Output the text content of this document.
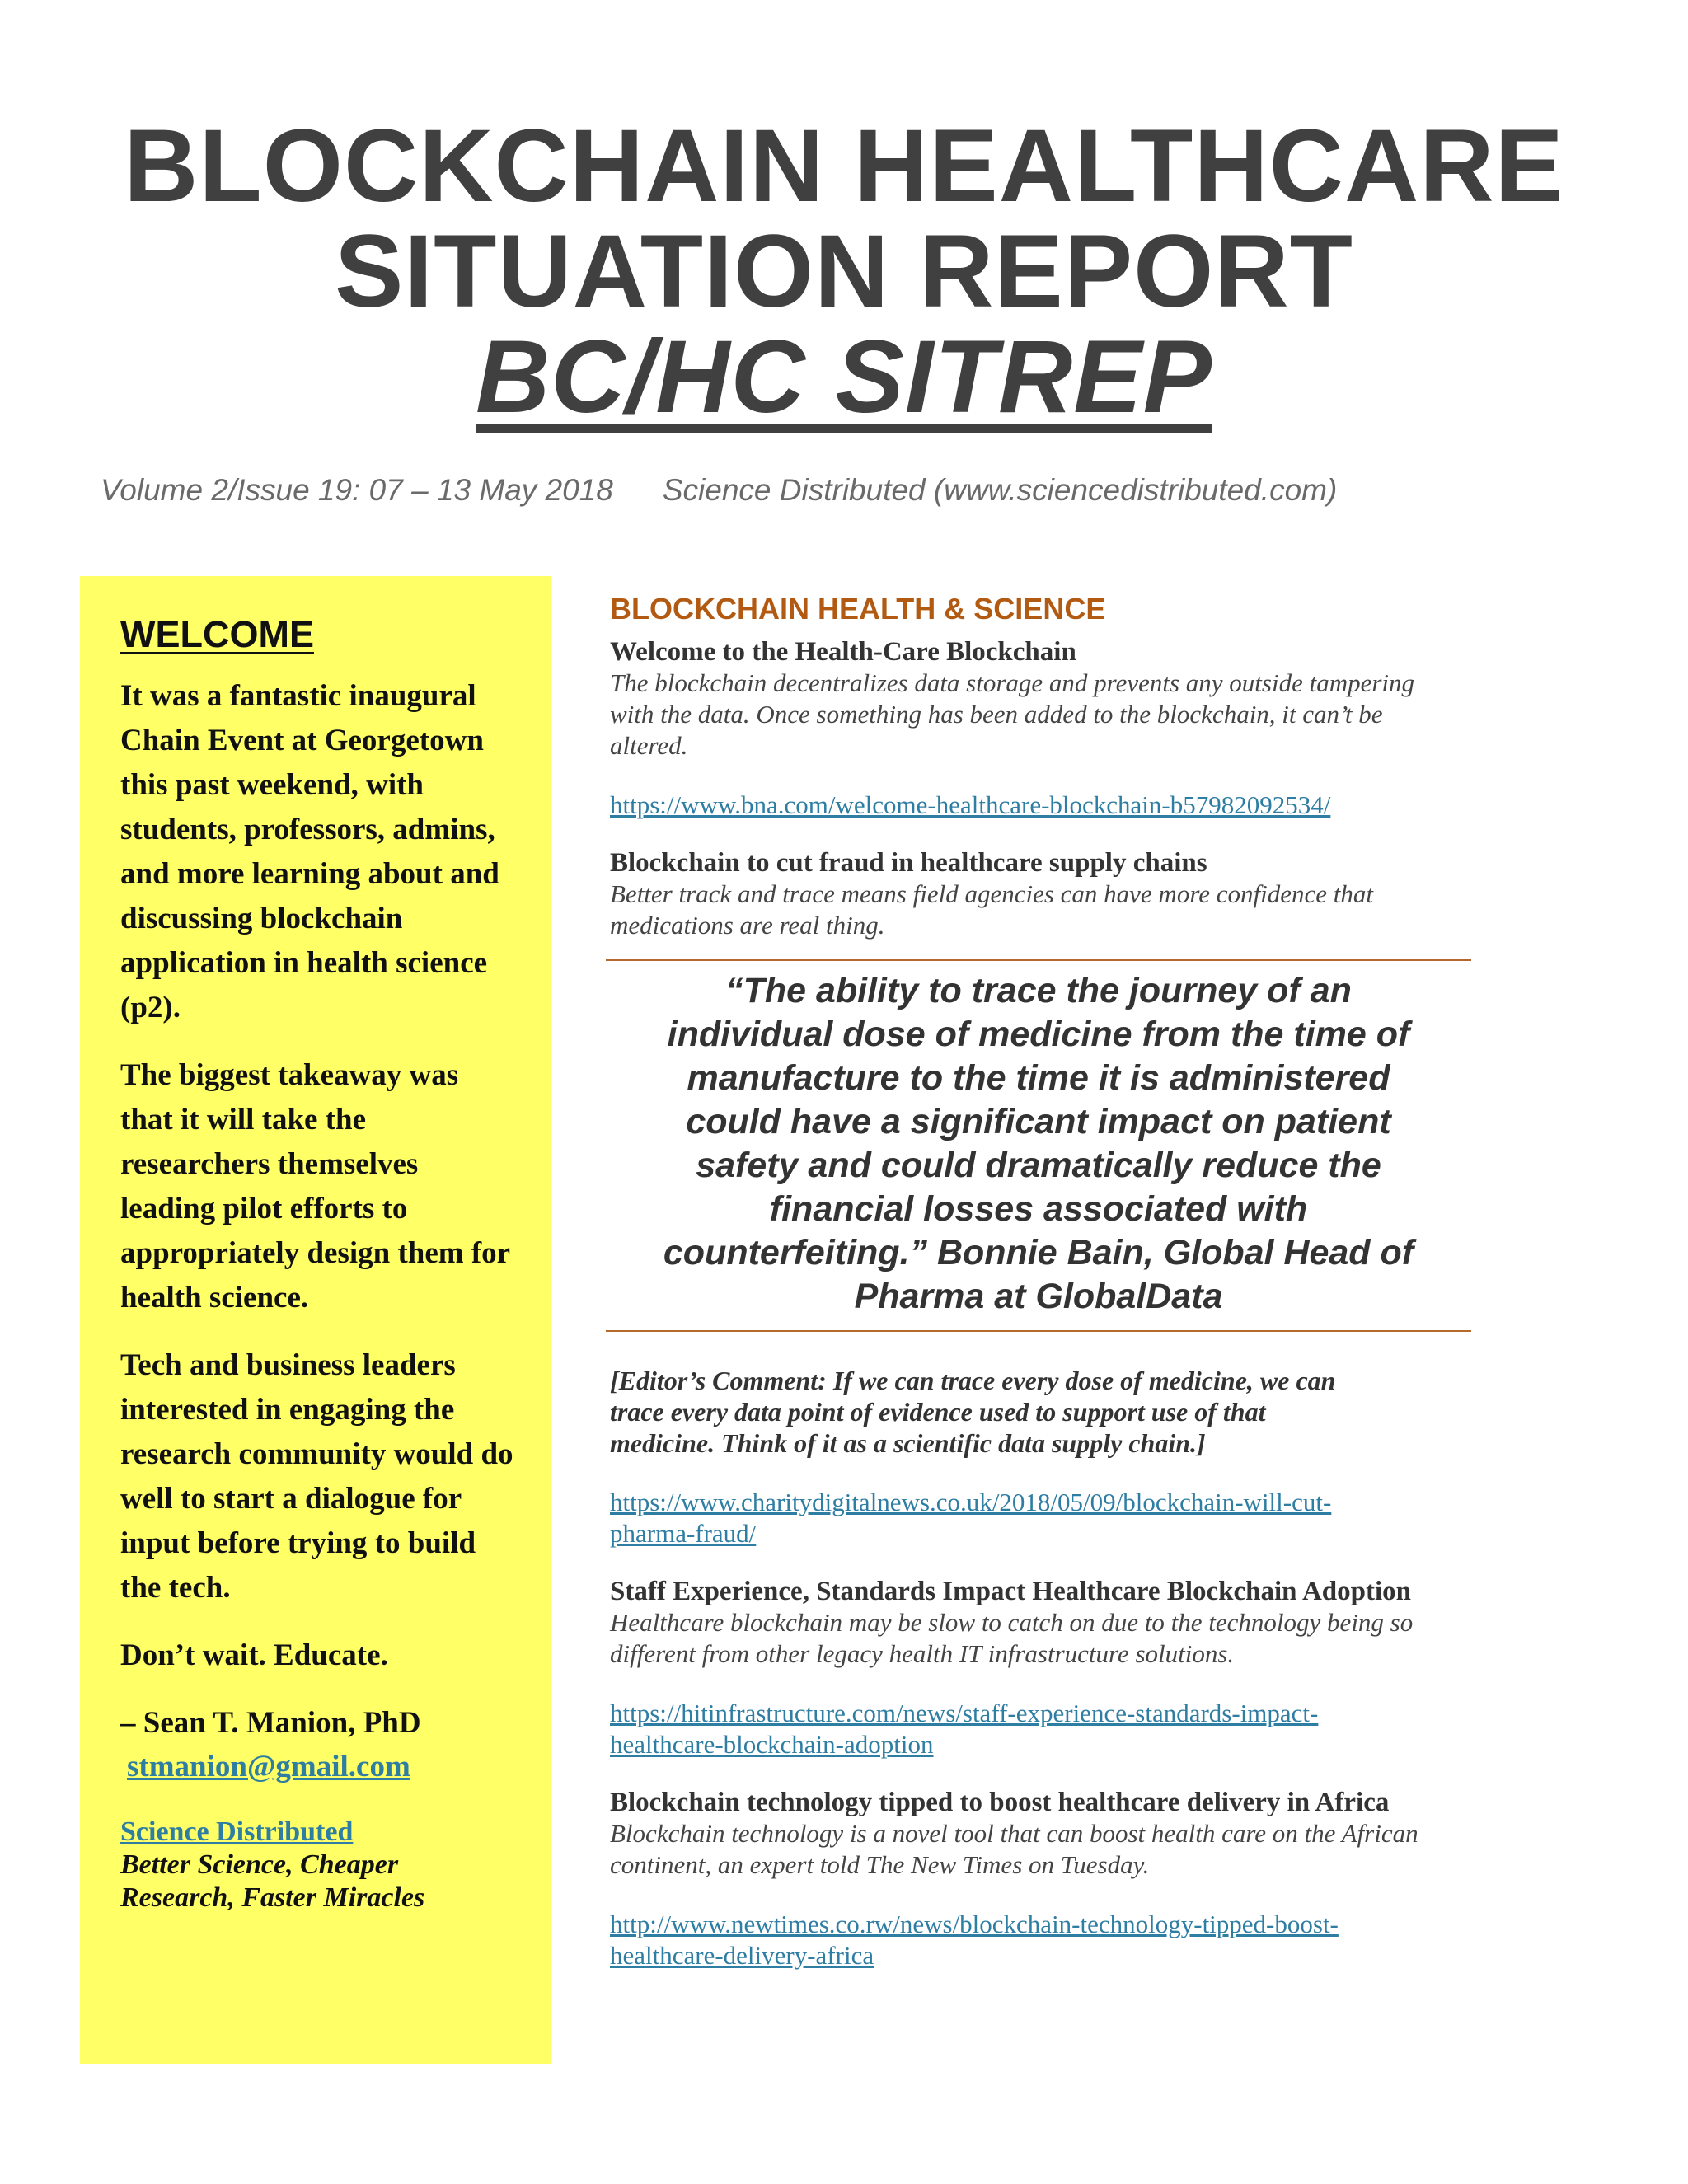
BLOCKCHAIN HEALTHCARE
SITUATION REPORT
BC/HC SITREP
Volume 2/Issue 19: 07 – 13 May 2018 Science Distributed (www.sciencedistributed.com)
WELCOME

It was a fantastic inaugural Chain Event at Georgetown this past weekend, with students, professors, admins, and more learning about and discussing blockchain application in health science (p2).

The biggest takeaway was that it will take the researchers themselves leading pilot efforts to appropriately design them for health science.

Tech and business leaders interested in engaging the research community would do well to start a dialogue for input before trying to build the tech.

Don’t wait. Educate.

– Sean T. Manion, PhD

stmanion@gmail.com
Science Distributed
Better Science, Cheaper
Research, Faster Miracles
BLOCKCHAIN HEALTH & SCIENCE
Welcome to the Health-Care Blockchain
The blockchain decentralizes data storage and prevents any outside tampering
with the data. Once something has been added to the blockchain, it can’t be
altered.
https://www.bna.com/welcome-healthcare-blockchain-b57982092534/
Blockchain to cut fraud in healthcare supply chains
Better track and trace means field agencies can have more confidence that
medications are real thing.
“The ability to trace the journey of an
individual dose of medicine from the time of
manufacture to the time it is administered
could have a significant impact on patient
safety and could dramatically reduce the
financial losses associated with
counterfeiting.” Bonnie Bain, Global Head of
Pharma at GlobalData
[Editor’s Comment: If we can trace every dose of medicine, we can
trace every data point of evidence used to support use of that
medicine. Think of it as a scientific data supply chain.]
https://www.charitydigitalnews.co.uk/2018/05/09/blockchain-will-cut-
pharma-fraud/
Staff Experience, Standards Impact Healthcare Blockchain Adoption
Healthcare blockchain may be slow to catch on due to the technology being so
different from other legacy health IT infrastructure solutions.
https://hitinfrastructure.com/news/staff-experience-standards-impact-
healthcare-blockchain-adoption
Blockchain technology tipped to boost healthcare delivery in Africa
Blockchain technology is a novel tool that can boost health care on the African
continent, an expert told The New Times on Tuesday.
http://www.newtimes.co.rw/news/blockchain-technology-tipped-boost-
healthcare-delivery-africa
